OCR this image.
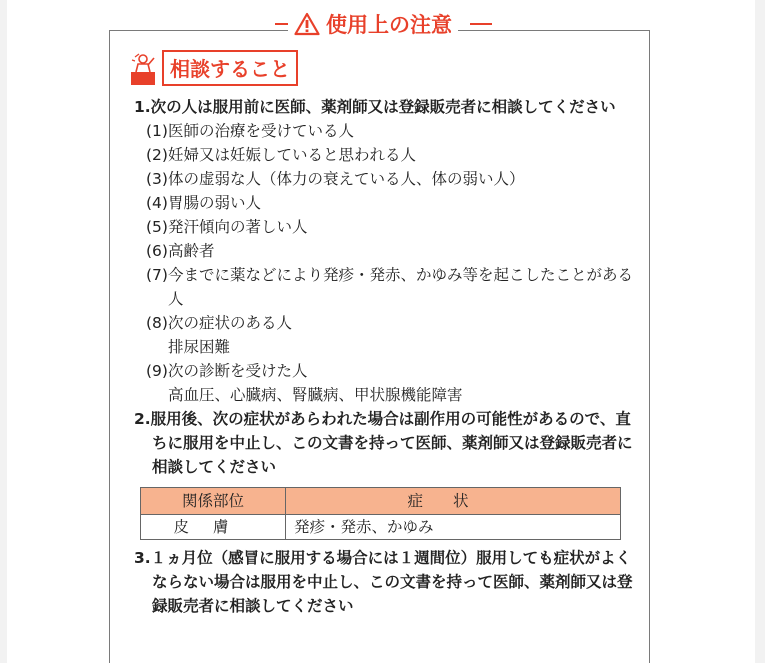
使用上の注意
相談すること
1.次の人は服用前に医師、薬剤師又は登録販売者に相談してください
(1)医師の治療を受けている人
(2)妊婦又は妊娠していると思われる人
(3)体の虚弱な人（体力の衰えている人、体の弱い人）
(4)胃腸の弱い人
(5)発汗傾向の著しい人
(6)高齢者
(7)今までに薬などにより発疹・発赤、かゆみ等を起こしたことがある人
(8)次の症状のある人
排尿困難
(9)次の診断を受けた人
高血圧、心臓病、腎臓病、甲状腺機能障害
2.服用後、次の症状があらわれた場合は副作用の可能性があるので、直ちに服用を中止し、この文書を持って医師、薬剤師又は登録販売者に相談してください
関係部位	症状
皮膚	発疹・発赤、かゆみ
3.１ヵ月位（感冒に服用する場合には１週間位）服用しても症状がよくならない場合は服用を中止し、この文書を持って医師、薬剤師又は登録販売者に相談してください
